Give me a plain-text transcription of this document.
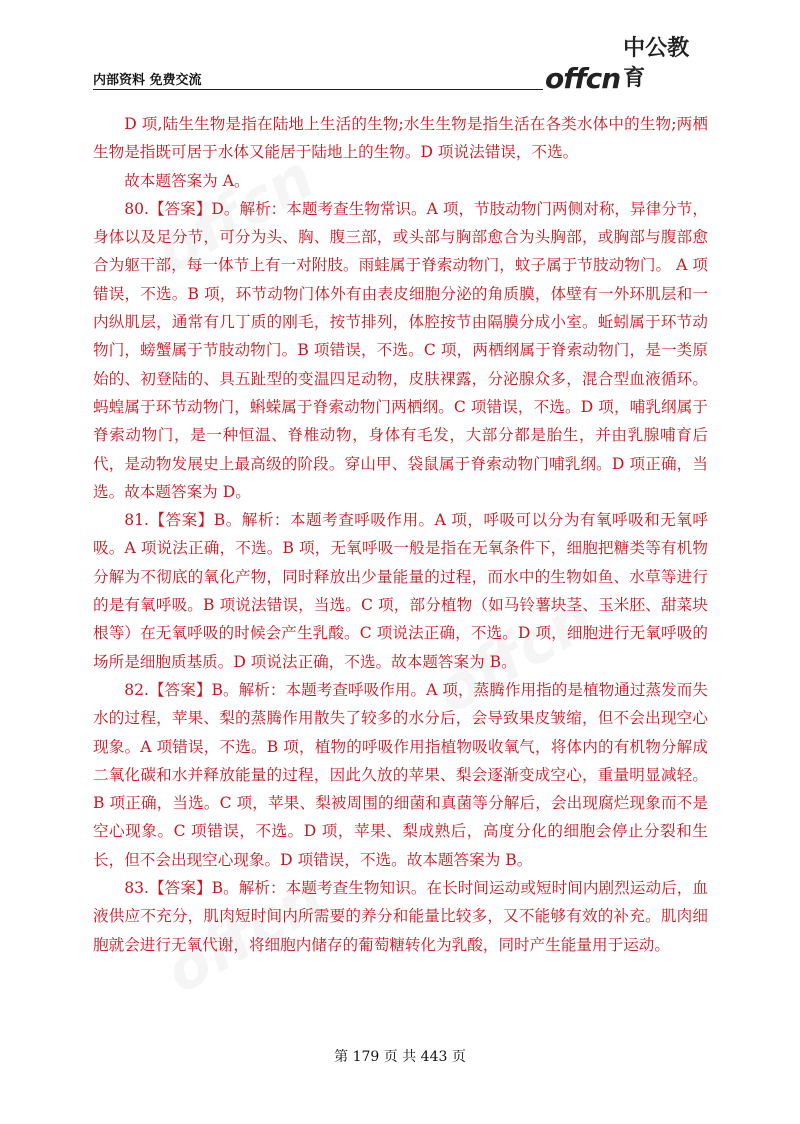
内部资料 免费交流	offcn
中公教育

D 项,陆生生物是指在陆地上生活的生物;水生生物是指生活在各类水体中的生物;两栖生物是指既可居于水体又能居于陆地上的生物。D 项说法错误，不选。

故本题答案为 A。

80.【答案】D。解析：本题考查生物常识。A 项，节肢动物门两侧对称，异律分节，身体以及足分节，可分为头、胸、腹三部，或头部与胸部愈合为头胸部，或胸部与腹部愈合为躯干部，每一体节上有一对附肢。雨蛙属于脊索动物门，蚊子属于节肢动物门。 A 项错误，不选。B 项，环节动物门体外有由表皮细胞分泌的角质膜，体壁有一外环肌层和一内纵肌层，通常有几丁质的刚毛，按节排列，体腔按节由隔膜分成小室。蚯蚓属于环节动物门，螃蟹属于节肢动物门。B 项错误，不选。C 项，两栖纲属于脊索动物门，是一类原始的、初登陆的、具五趾型的变温四足动物，皮肤裸露，分泌腺众多，混合型血液循环。蚂蝗属于环节动物门，蝌蝾属于脊索动物门两栖纲。C 项错误，不选。D 项，哺乳纲属于脊索动物门，是一种恒温、脊椎动物，身体有毛发，大部分都是胎生，并由乳腺哺育后代，是动物发展史上最高级的阶段。穿山甲、袋鼠属于脊索动物门哺乳纲。D 项正确，当选。故本题答案为 D。

81.【答案】B。解析：本题考查呼吸作用。A 项，呼吸可以分为有氧呼吸和无氧呼吸。A 项说法正确，不选。B 项，无氧呼吸一般是指在无氧条件下，细胞把糖类等有机物分解为不彻底的氧化产物，同时释放出少量能量的过程，而水中的生物如鱼、水草等进行的是有氧呼吸。B 项说法错误，当选。C 项，部分植物（如马铃薯块茎、玉米胚、甜菜块根等）在无氧呼吸的时候会产生乳酸。C 项说法正确，不选。D 项，细胞进行无氧呼吸的场所是细胞质基质。D 项说法正确，不选。故本题答案为 B。

82.【答案】B。解析：本题考查呼吸作用。A 项，蒸腾作用指的是植物通过蒸发而失水的过程，苹果、梨的蒸腾作用散失了较多的水分后，会导致果皮皱缩，但不会出现空心现象。A 项错误，不选。B 项，植物的呼吸作用指植物吸收氧气，将体内的有机物分解成二氧化碳和水并释放能量的过程，因此久放的苹果、梨会逐渐变成空心，重量明显减轻。B 项正确，当选。C 项，苹果、梨被周围的细菌和真菌等分解后，会出现腐烂现象而不是空心现象。C 项错误，不选。D 项，苹果、梨成熟后，高度分化的细胞会停止分裂和生长，但不会出现空心现象。D 项错误，不选。故本题答案为 B。

83.【答案】B。解析：本题考查生物知识。在长时间运动或短时间内剧烈运动后，血液供应不充分，肌肉短时间内所需要的养分和能量比较多，又不能够有效的补充。肌肉细胞就会进行无氧代谢，将细胞内储存的葡萄糖转化为乳酸，同时产生能量用于运动。

第 179 页 共 443 页
